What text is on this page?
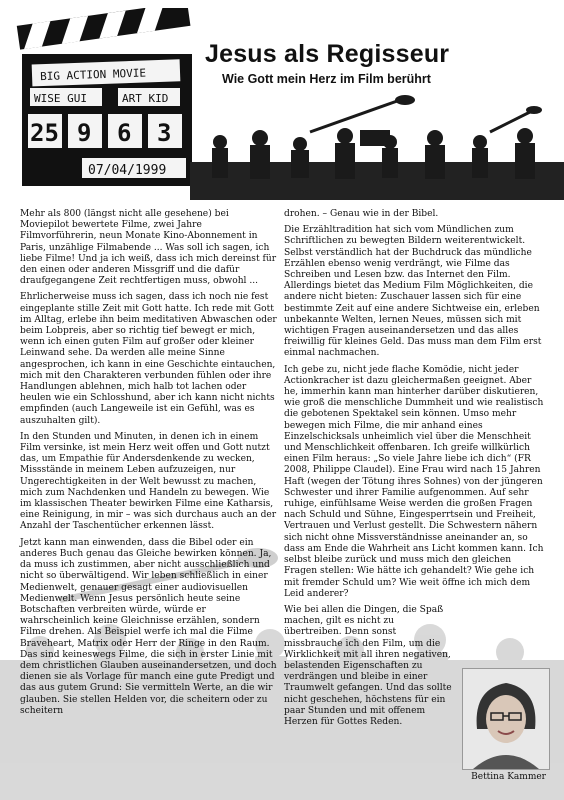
BIG ACTION MOVIE
WISE GUI	ART KID
25 9 6 3
07/04/1999
Jesus als Regisseur
Wie Gott mein Herz im Film berührt

Mehr als 800 (längst nicht alle gesehene) bei Moviepilot bewertete Filme, zwei Jahre Filmvorführerin, neun Monate Kino-Abonnement in Paris, unzählige Filmabende ... Was soll ich sagen, ich liebe Filme! Und ja ich weiß, dass ich mich dereinst für den einen oder anderen Missgriff und die dafür draufgegangene Zeit rechtfertigen muss, obwohl ...

Ehrlicherweise muss ich sagen, dass ich noch nie fest eingeplante stille Zeit mit Gott hatte. Ich rede mit Gott im Alltag, erlebe ihn beim meditativen Abwaschen oder beim Lobpreis, aber so richtig tief bewegt er mich, wenn ich einen guten Film auf großer oder kleiner Leinwand sehe. Da werden alle meine Sinne angesprochen, ich kann in eine Geschichte eintauchen, mich mit den Charakteren verbunden fühlen oder ihre Handlungen ablehnen, mich halb tot lachen oder heulen wie ein Schlosshund, aber ich kann nicht nichts empfinden (auch Langeweile ist ein Gefühl, was es auszuhalten gilt).

In den Stunden und Minuten, in denen ich in einem Film versinke, ist mein Herz weit offen und Gott nutzt das, um Empathie für Andersdenkende zu wecken, Missstände in meinem Leben aufzuzeigen, nur Ungerechtigkeiten in der Welt bewusst zu machen, mich zum Nachdenken und Handeln zu bewegen. Wie im klassischen Theater bewirken Filme eine Katharsis, eine Reinigung, in mir – was sich durchaus auch an der Anzahl der Taschentücher erkennen lässt.

Jetzt kann man einwenden, dass die Bibel oder ein anderes Buch genau das Gleiche bewirken können. Ja, da muss ich zustimmen, aber nicht ausschließlich und nicht so überwältigend. Wir leben schließlich in einer Medienwelt, genauer gesagt einer audiovisuellen Medienwelt. Wenn Jesus persönlich heute seine Botschaften verbreiten würde, würde er wahrscheinlich keine Gleichnisse erzählen, sondern Filme drehen. Als Beispiel werfe ich mal die Filme Braveheart, Matrix oder Herr der Ringe in den Raum. Das sind keineswegs Filme, die sich in erster Linie mit dem christlichen Glauben auseinandersetzen, und doch dienen sie als Vorlage für manch eine gute Predigt und das aus gutem Grund: Sie vermitteln Werte, an die wir glauben. Sie stellen Helden vor, die scheitern oder zu scheitern

drohen. – Genau wie in der Bibel.

Die Erzähltradition hat sich vom Mündlichen zum Schriftlichen zu bewegten Bildern weiterentwickelt. Selbst verständlich hat der Buchdruck das mündliche Erzählen ebenso wenig verdrängt, wie Filme das Schreiben und Lesen bzw. das Internet den Film. Allerdings bietet das Medium Film Möglichkeiten, die andere nicht bieten: Zuschauer lassen sich für eine bestimmte Zeit auf eine andere Sichtweise ein, erleben unbekannte Welten, lernen Neues, müssen sich mit wichtigen Fragen auseinandersetzen und das alles freiwillig für kleines Geld. Das muss man dem Film erst einmal nachmachen.

Ich gebe zu, nicht jede flache Komödie, nicht jeder Actionkracher ist dazu gleichermaßen geeignet. Aber he, immerhin kann man hinterher darüber diskutieren, wie groß die menschliche Dummheit und wie realistisch die gebotenen Spektakel sein können. Umso mehr bewegen mich Filme, die mir anhand eines Einzelschicksals unheimlich viel über die Menschheit und Menschlichkeit offenbaren. Ich greife willkürlich einen Film heraus: „So viele Jahre liebe ich dich“ (FR 2008, Philippe Claudel). Eine Frau wird nach 15 Jahren Haft (wegen der Tötung ihres Sohnes) von der jüngeren Schwester und ihrer Familie aufgenommen. Auf sehr ruhige, einfühlsame Weise werden die großen Fragen nach Schuld und Sühne, Eingesperrtsein und Freiheit, Vertrauen und Verlust gestellt. Die Schwestern nähern sich nicht ohne Missverständnisse aneinander an, so dass am Ende die Wahrheit ans Licht kommen kann. Ich selbst bleibe zurück und muss mich den gleichen Fragen stellen: Wie hätte ich gehandelt? Wie gehe ich mit fremder Schuld um? Wie weit öffne ich mich dem Leid anderer?

Wie bei allen die Dingen, die Spaß machen, gilt es nicht zu übertreiben. Denn sonst missbrauche ich den Film, um die Wirklichkeit mit all ihren negativen, belastenden Eigenschaften zu verdrängen und bleibe in einer Traumwelt gefangen. Und das sollte nicht geschehen, höchstens für ein paar Stunden und mit offenem Herzen für Gottes Reden.

Bettina Kammer
